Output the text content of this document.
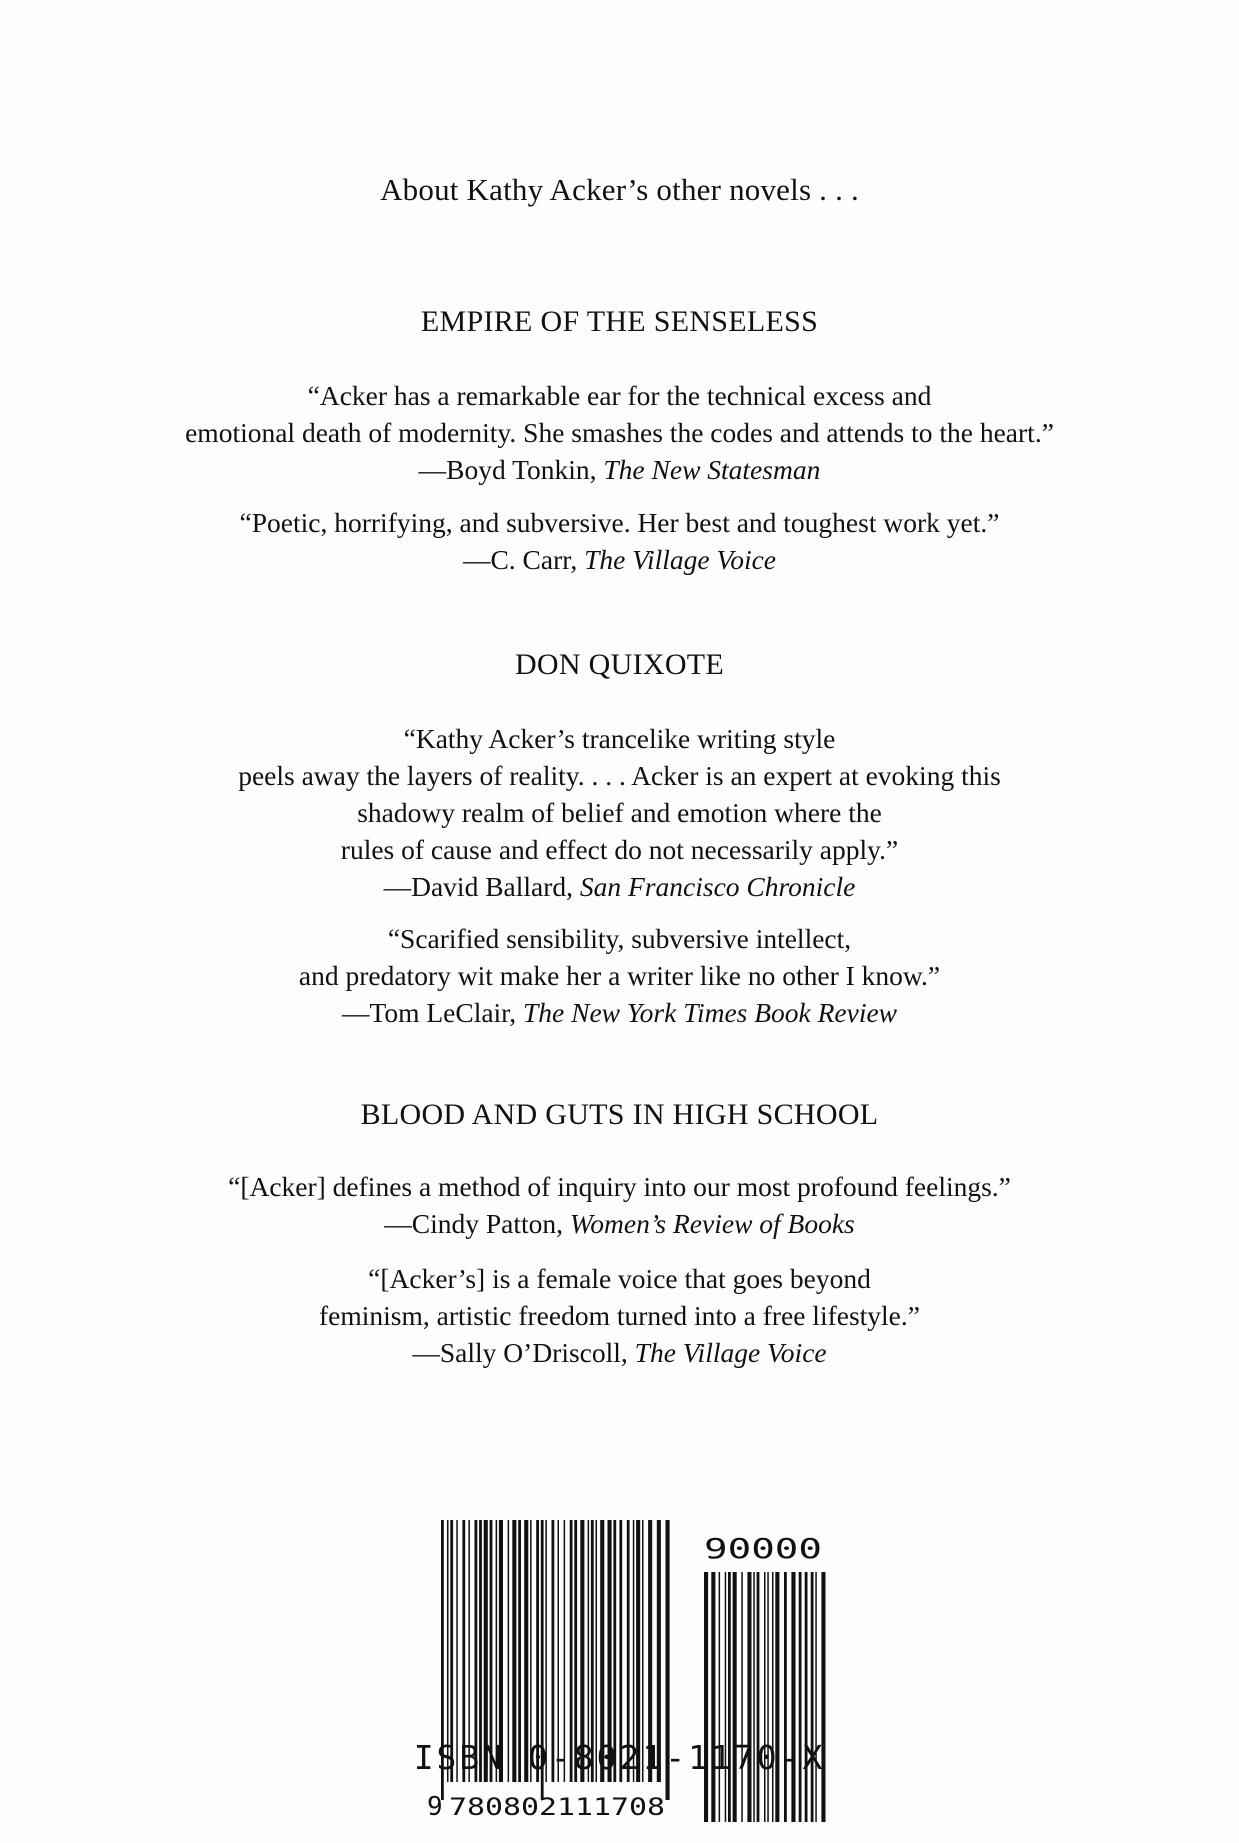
About Kathy Acker’s other novels . . .
EMPIRE OF THE SENSELESS
“Acker has a remarkable ear for the technical excess and
emotional death of modernity. She smashes the codes and attends to the heart.”
—Boyd Tonkin, The New Statesman
“Poetic, horrifying, and subversive. Her best and toughest work yet.”
—C. Carr, The Village Voice
DON QUIXOTE
“Kathy Acker’s trancelike writing style
peels away the layers of reality. . . . Acker is an expert at evoking this
shadowy realm of belief and emotion where the
rules of cause and effect do not necessarily apply.”
—David Ballard, San Francisco Chronicle
“Scarified sensibility, subversive intellect,
and predatory wit make her a writer like no other I know.”
—Tom LeClair, The New York Times Book Review
BLOOD AND GUTS IN HIGH SCHOOL
“[Acker] defines a method of inquiry into our most profound feelings.”
—Cindy Patton, Women’s Review of Books
“[Acker’s] is a female voice that goes beyond
feminism, artistic freedom turned into a free lifestyle.”
—Sally O’Driscoll, The Village Voice
9 780802111708
90000
ISBN 0-8021-1170-X
